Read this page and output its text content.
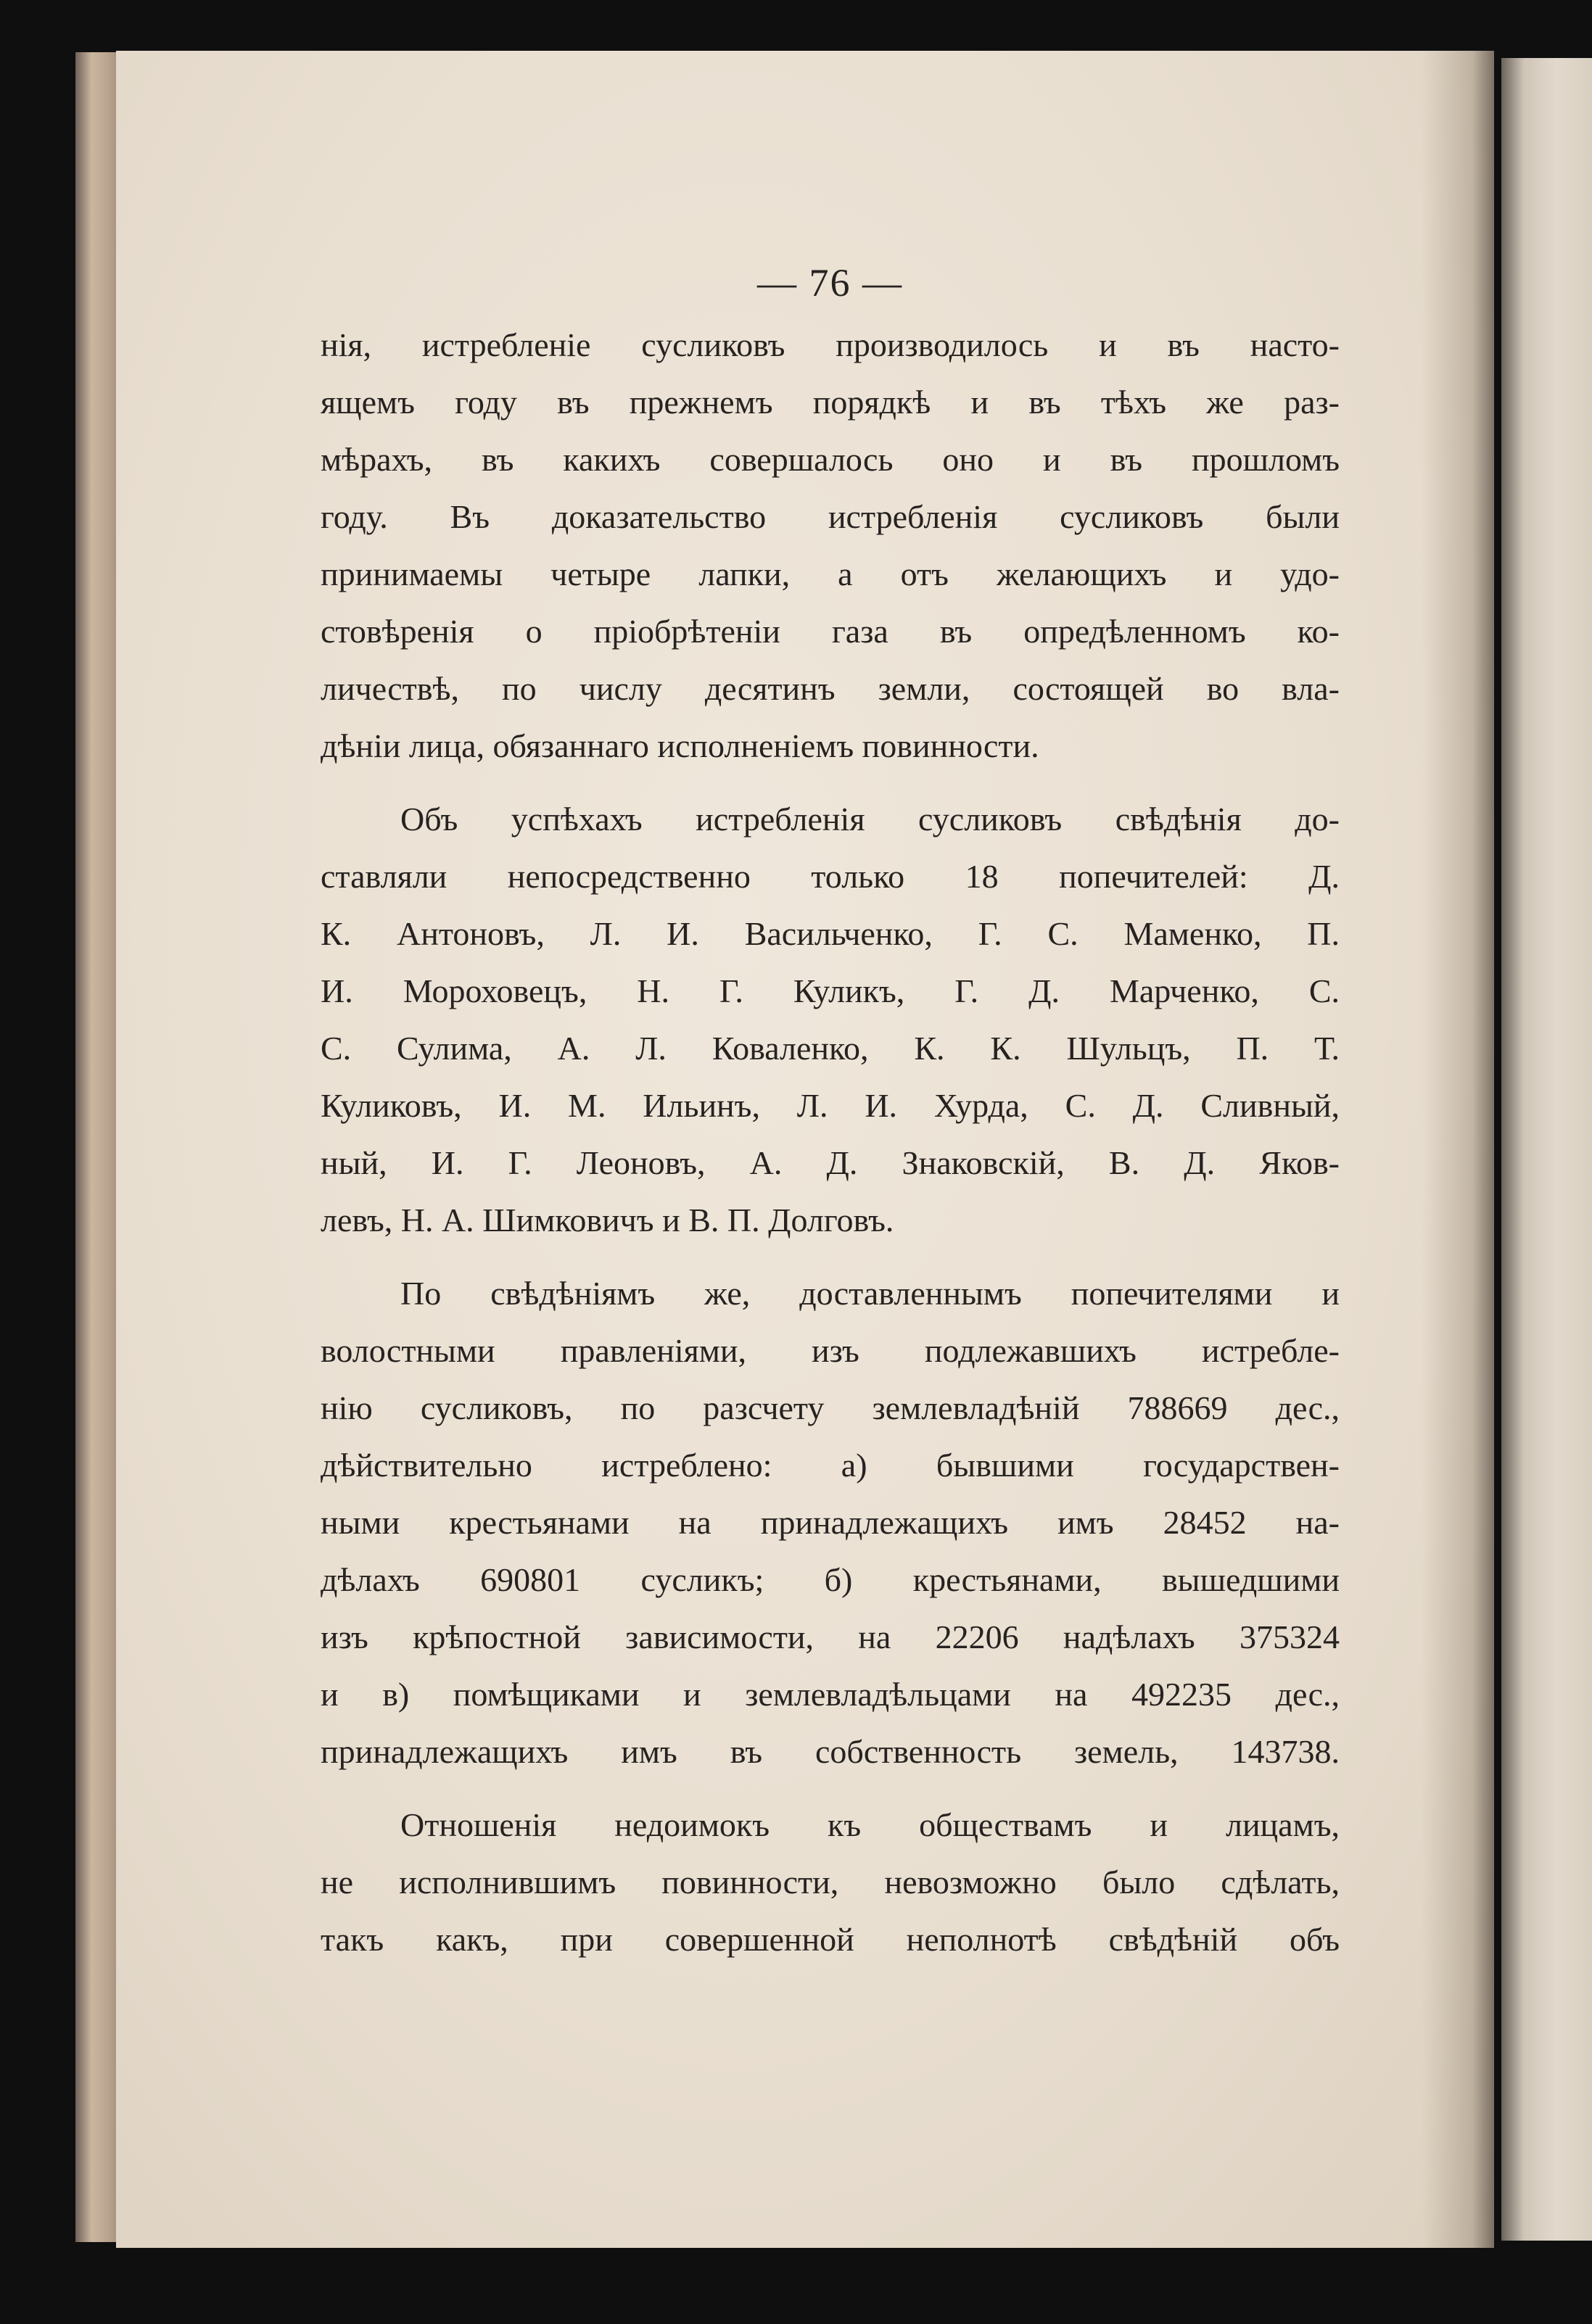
— 76 —
нія, истребленіе сусликовъ производилось и въ насто-
ящемъ году въ прежнемъ порядкѣ и въ тѣхъ же раз-
мѣрахъ, въ какихъ совершалось оно и въ прошломъ
году. Въ доказательство истребленія сусликовъ были
принимаемы четыре лапки, а отъ желающихъ и удо-
стовѣренія о пріобрѣтеніи газа въ опредѣленномъ ко-
личествѣ, по числу десятинъ земли, состоящей во вла-
дѣніи лица, обязаннаго исполненіемъ повинности.
Объ успѣхахъ истребленія сусликовъ свѣдѣнія до-
ставляли непосредственно только 18 попечителей: Д.
К. Антоновъ, Л. И. Васильченко, Г. С. Маменко, П.
И. Мороховецъ, Н. Г. Куликъ, Г. Д. Марченко, С.
С. Сулима, А. Л. Коваленко, К. К. Шульцъ, П. Т.
Куликовъ, И. М. Ильинъ, Л. И. Хурда, С. Д. Сливный,
ный, И. Г. Леоновъ, А. Д. Знаковскій, В. Д. Яков-
левъ, Н. А. Шимковичъ и В. П. Долговъ.
По свѣдѣніямъ же, доставленнымъ попечителями и
волостными правленіями, изъ подлежавшихъ истребле-
нію сусликовъ, по разсчету землевладѣній 788669 дес.,
дѣйствительно истреблено: а) бывшими государствен-
ными крестьянами на принадлежащихъ имъ 28452 на-
дѣлахъ 690801 сусликъ; б) крестьянами, вышедшими
изъ крѣпостной зависимости, на 22206 надѣлахъ 375324
и в) помѣщиками и землевладѣльцами на 492235 дес.,
принадлежащихъ имъ въ собственность земель, 143738.
Отношенія недоимокъ къ обществамъ и лицамъ,
не исполнившимъ повинности, невозможно было сдѣлать,
такъ какъ, при совершенной неполнотѣ свѣдѣній объ
